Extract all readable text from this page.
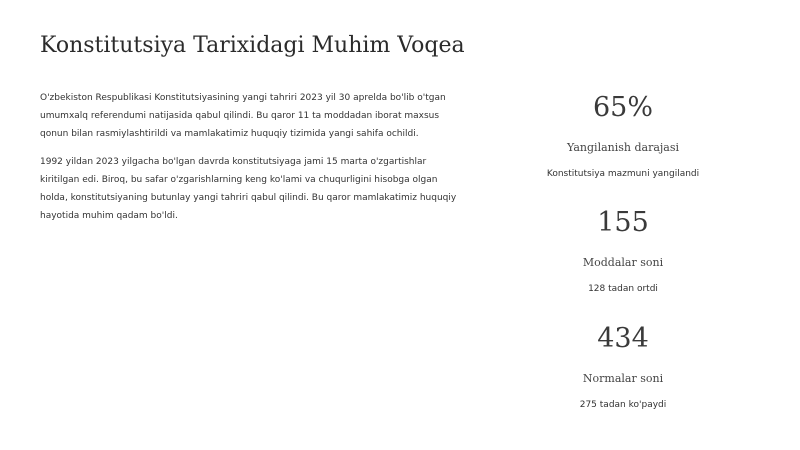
Konstitutsiya Tarixidagi Muhim Voqea

O'zbekiston Respublikasi Konstitutsiyasining yangi tahriri 2023 yil 30 aprelda bo'lib o'tgan umumxalq referendumi natijasida qabul qilindi. Bu qaror 11 ta moddadan iborat maxsus qonun bilan rasmiylashtirildi va mamlakatimiz huquqiy tizimida yangi sahifa ochildi.

1992 yildan 2023 yilgacha bo'lgan davrda konstitutsiyaga jami 15 marta o'zgartishlar kiritilgan edi. Biroq, bu safar o'zgarishlarning keng ko'lami va chuqurligini hisobga olgan holda, konstitutsiyaning butunlay yangi tahriri qabul qilindi. Bu qaror mamlakatimiz huquqiy hayotida muhim qadam bo'ldi.

65%
Yangilanish darajasi
Konstitutsiya mazmuni yangilandi
155
Moddalar soni
128 tadan ortdi
434
Normalar soni
275 tadan ko'paydi
